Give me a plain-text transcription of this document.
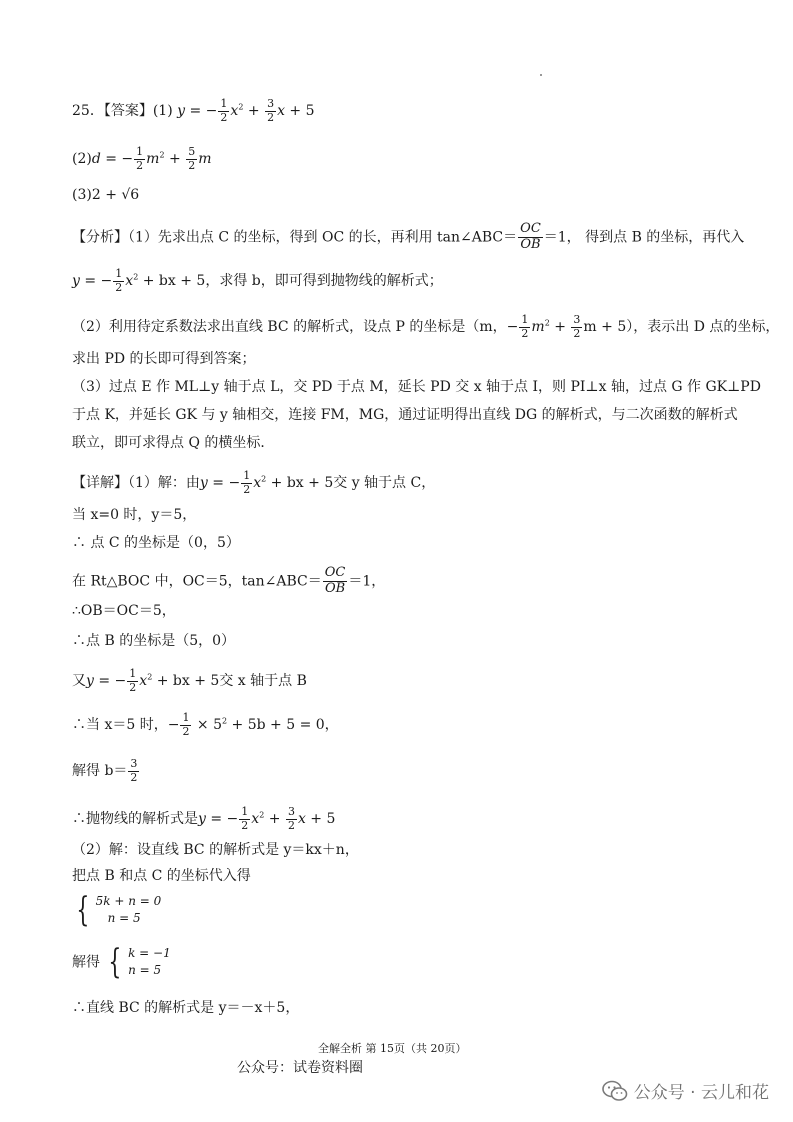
25．【答案】(1) y = − $\frac{1}{2} x^2 + \frac{3}{2}$ x + 5
(2)d = − $\frac{1}{2} m^2 + \frac{5}{2}$ m
(3)2 + √6
【分析】（1）先求出点 C 的坐标，得到 OC 的长，再利用 tan∠ABC＝ $\frac{OC}{OB} =1$， 得到点 B 的坐标，再代入
y = − $\frac{1}{2} x^2$ + bx + 5，求得 b，即可得到抛物线的解析式；
（2）利用待定系数法求出直线 BC 的解析式，设点 P 的坐标是（m，− $\frac{1}{2} m^2 + \frac{3}{2}$ m + 5），表示出 D 点的坐标，
求出 PD 的长即可得到答案；
（3）过点 E 作 ML⊥y 轴于点 L，交 PD 于点 M，延长 PD 交 x 轴于点 I，则 PI⊥x 轴，过点 G 作 GK⊥PD
于点 K，并延长 GK 与 y 轴相交，连接 FM，MG，通过证明得出直线 DG 的解析式，与二次函数的解析式
联立，即可求得点 Q 的横坐标．
【详解】（1）解：由y = − $\frac{1}{2} x^2$ + bx + 5交 y 轴于点 C，
当 x=0 时，y＝5，
∴ 点 C 的坐标是（0，5）
在 Rt△BOC 中，OC＝5，tan∠ABC＝ $\frac{OC}{OB} =1$，
∴OB＝OC＝5，
∴点 B 的坐标是（5，0）
又y = − $\frac{1}{2} x^2$ + bx + 5交 x 轴于点 B
∴当 x＝5 时，− $\frac{1}{2} \times 5^2 + 5b + 5 = 0$，
解得 $b= \frac{3}{2}$
∴抛物线的解析式是y = − $\frac{1}{2} x^2 + \frac{3}{2}$ x + 5
（2）解：设直线 BC 的解析式是 y＝kx＋n，
把点 B 和点 C 的坐标代入得
{ 5k + n = 0
n = 5
解得 { k = −1
n = 5
∴直线 BC 的解析式是 y＝－x＋5，
全解全析 第 15页（共 20页）
公众号：试卷资料圈
公众号 · 云儿和花
